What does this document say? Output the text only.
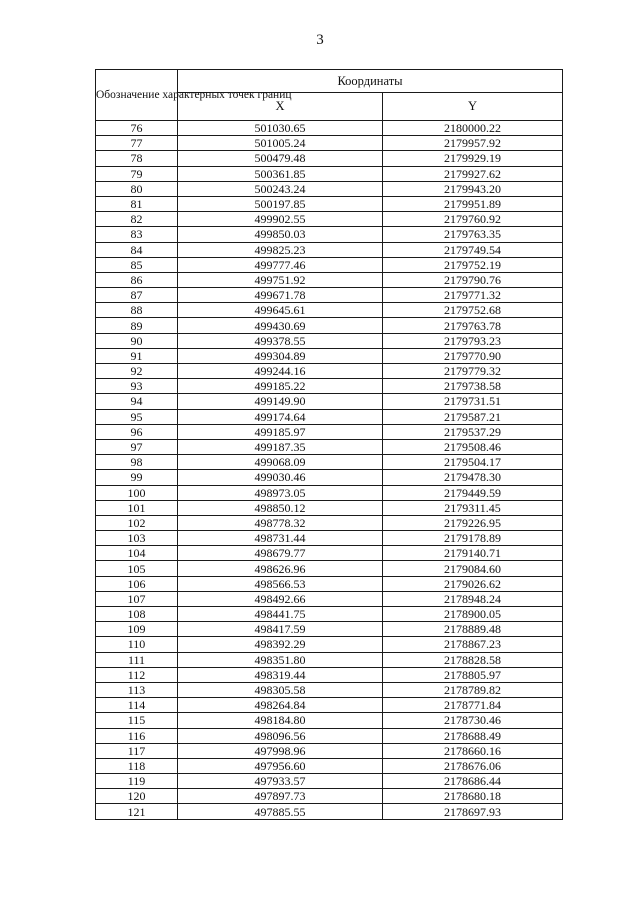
3
Обозначение характерных точек границ	Координаты	
	X	Y
76	501030.65	2180000.22
77	501005.24	2179957.92
78	500479.48	2179929.19
79	500361.85	2179927.62
80	500243.24	2179943.20
81	500197.85	2179951.89
82	499902.55	2179760.92
83	499850.03	2179763.35
84	499825.23	2179749.54
85	499777.46	2179752.19
86	499751.92	2179790.76
87	499671.78	2179771.32
88	499645.61	2179752.68
89	499430.69	2179763.78
90	499378.55	2179793.23
91	499304.89	2179770.90
92	499244.16	2179779.32
93	499185.22	2179738.58
94	499149.90	2179731.51
95	499174.64	2179587.21
96	499185.97	2179537.29
97	499187.35	2179508.46
98	499068.09	2179504.17
99	499030.46	2179478.30
100	498973.05	2179449.59
101	498850.12	2179311.45
102	498778.32	2179226.95
103	498731.44	2179178.89
104	498679.77	2179140.71
105	498626.96	2179084.60
106	498566.53	2179026.62
107	498492.66	2178948.24
108	498441.75	2178900.05
109	498417.59	2178889.48
110	498392.29	2178867.23
111	498351.80	2178828.58
112	498319.44	2178805.97
113	498305.58	2178789.82
114	498264.84	2178771.84
115	498184.80	2178730.46
116	498096.56	2178688.49
117	497998.96	2178660.16
118	497956.60	2178676.06
119	497933.57	2178686.44
120	497897.73	2178680.18
121	497885.55	2178697.93
